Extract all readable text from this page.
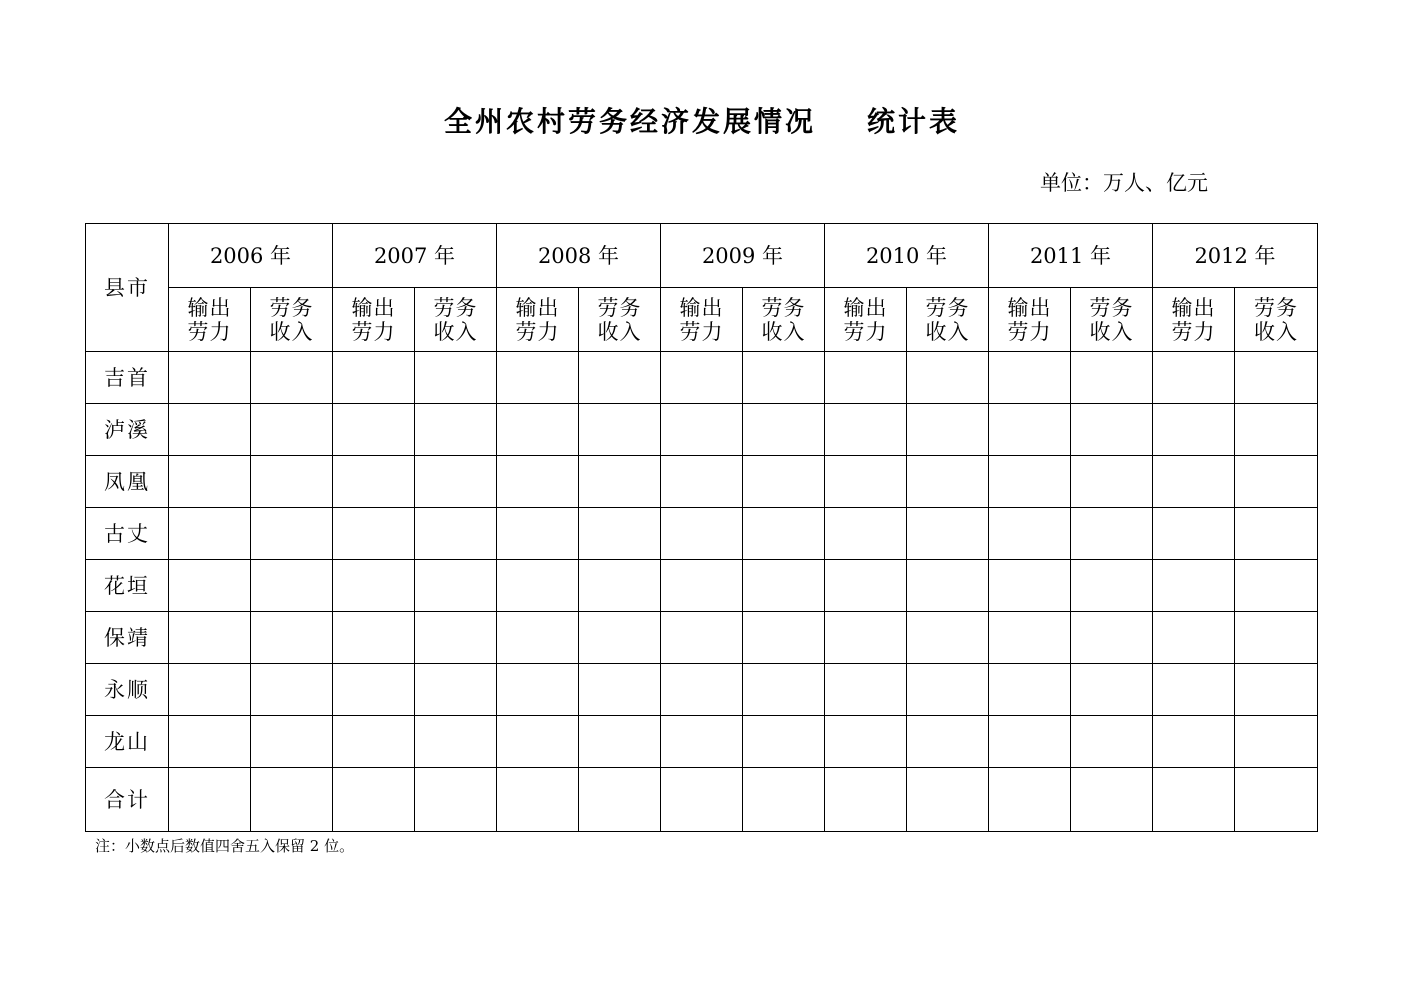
全州农村劳务经济发展情况    统计表
单位：万人、亿元
县市	2006 年		2007 年		2008 年		2009 年		2010 年		2011 年		2012 年	

	输出劳力	劳务收入	输出劳力	劳务收入	输出劳力	劳务收入	输出劳力	劳务收入	输出劳力	劳务收入	输出劳力	劳务收入	输出劳力	劳务收入

吉首														
泸溪														
凤凰														
古丈														
花垣														
保靖														
永顺														
龙山														
合计														
注：小数点后数值四舍五入保留 2 位。
